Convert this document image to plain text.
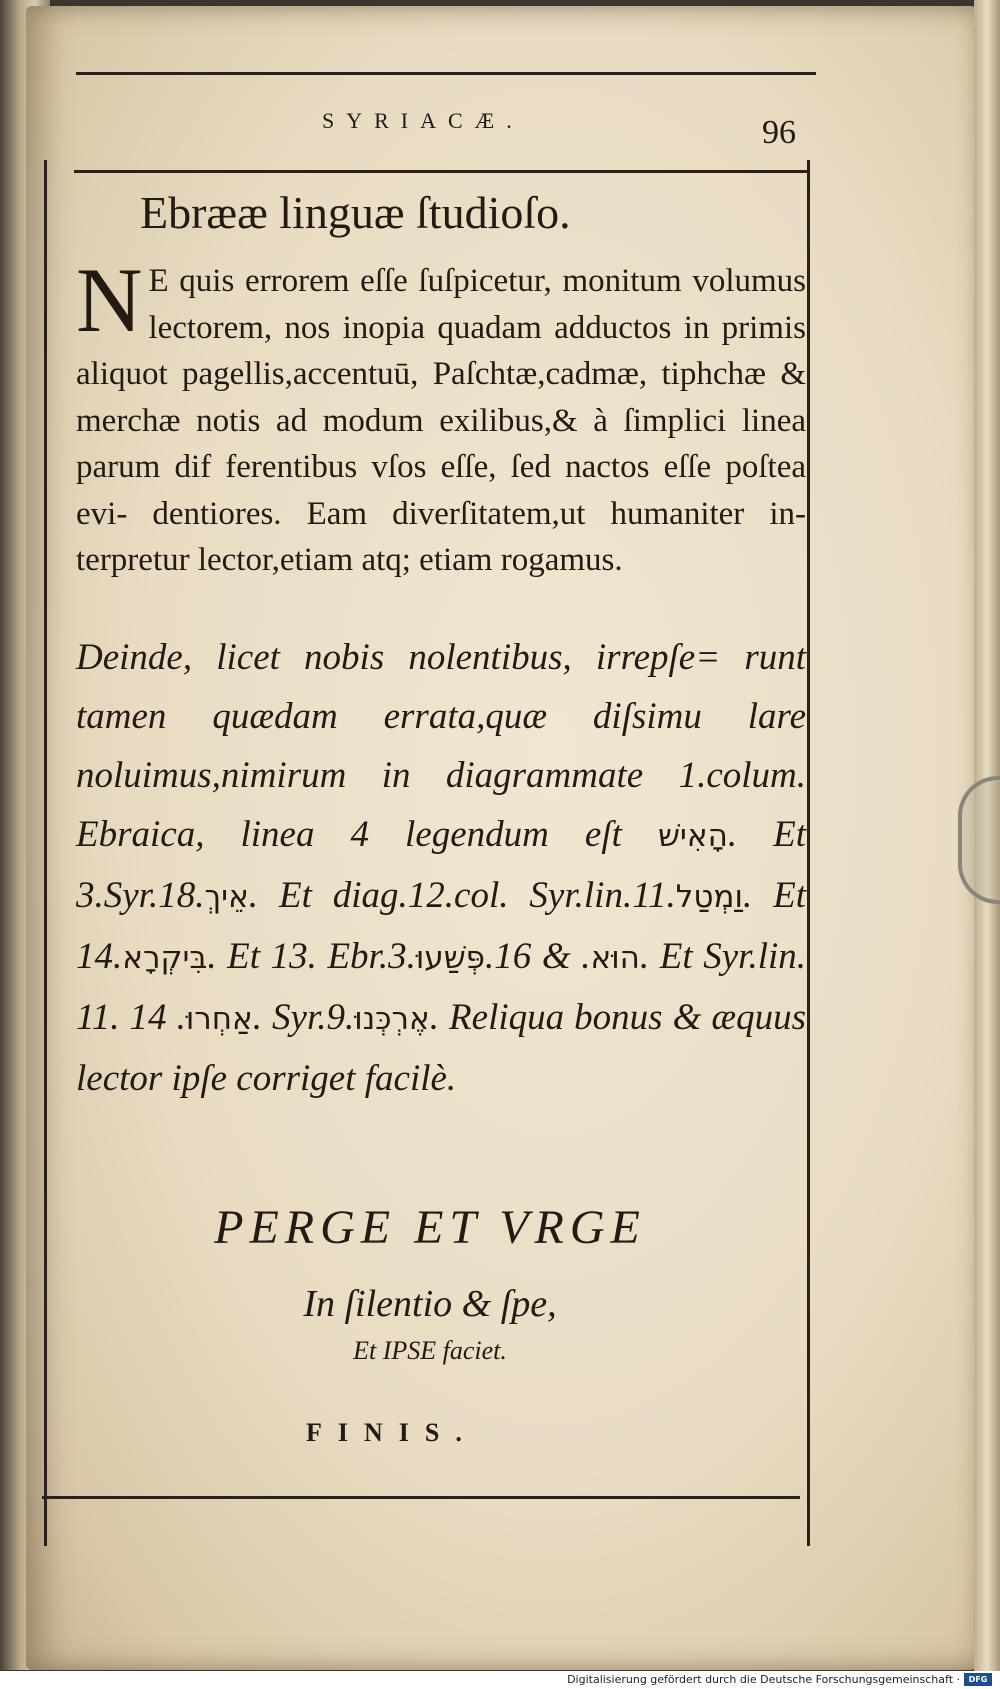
SYRIACÆ.	96
Ebrææ linguæ ſtudioſo.
N E quis errorem eſſe ſuſpicetur, monitum volumus lectorem, nos inopia quadam adductos in primis aliquot pagellis,accentuū, Paſchtæ,cadmæ, tiphchæ & merchæ notis ad modum exilibus,& à ſimplici linea parum dif ferentibus vſos eſſe, ſed nactos eſſe poſtea evi- dentiores. Eam diverſitatem,ut humaniter in- terpretur lector,etiam atq; etiam rogamus.
Deinde, licet nobis nolentibus, irrepſe= runt tamen quædam errata,quæ diſsimu lare noluimus,nimirum in diagrammate 1.colum. Ebraica, linea 4 legendum eſt הָאִישׁ. Et 3.Syr.18.אֵיךְ. Et diag.12.col. Syr.lin.11.וַמְטַל. Et 14.בִּיקְרָא. Et 13. Ebr.3.	הוּא. & 16.פְּשַׁעוּ	. Et Syr.lin. 11. אַחְרוּ. 14. Syr.9.אֶרְכְּנוּ. Reliqua bonus & æquus lector ipſe corriget facilè.
PERGE ET VRGE
In ſilentio & ſpe,
Et IPSE faciet.
FINIS.
Digitalisierung gefördert durch die Deutsche Forschungsgemeinschaft ·	DFG
